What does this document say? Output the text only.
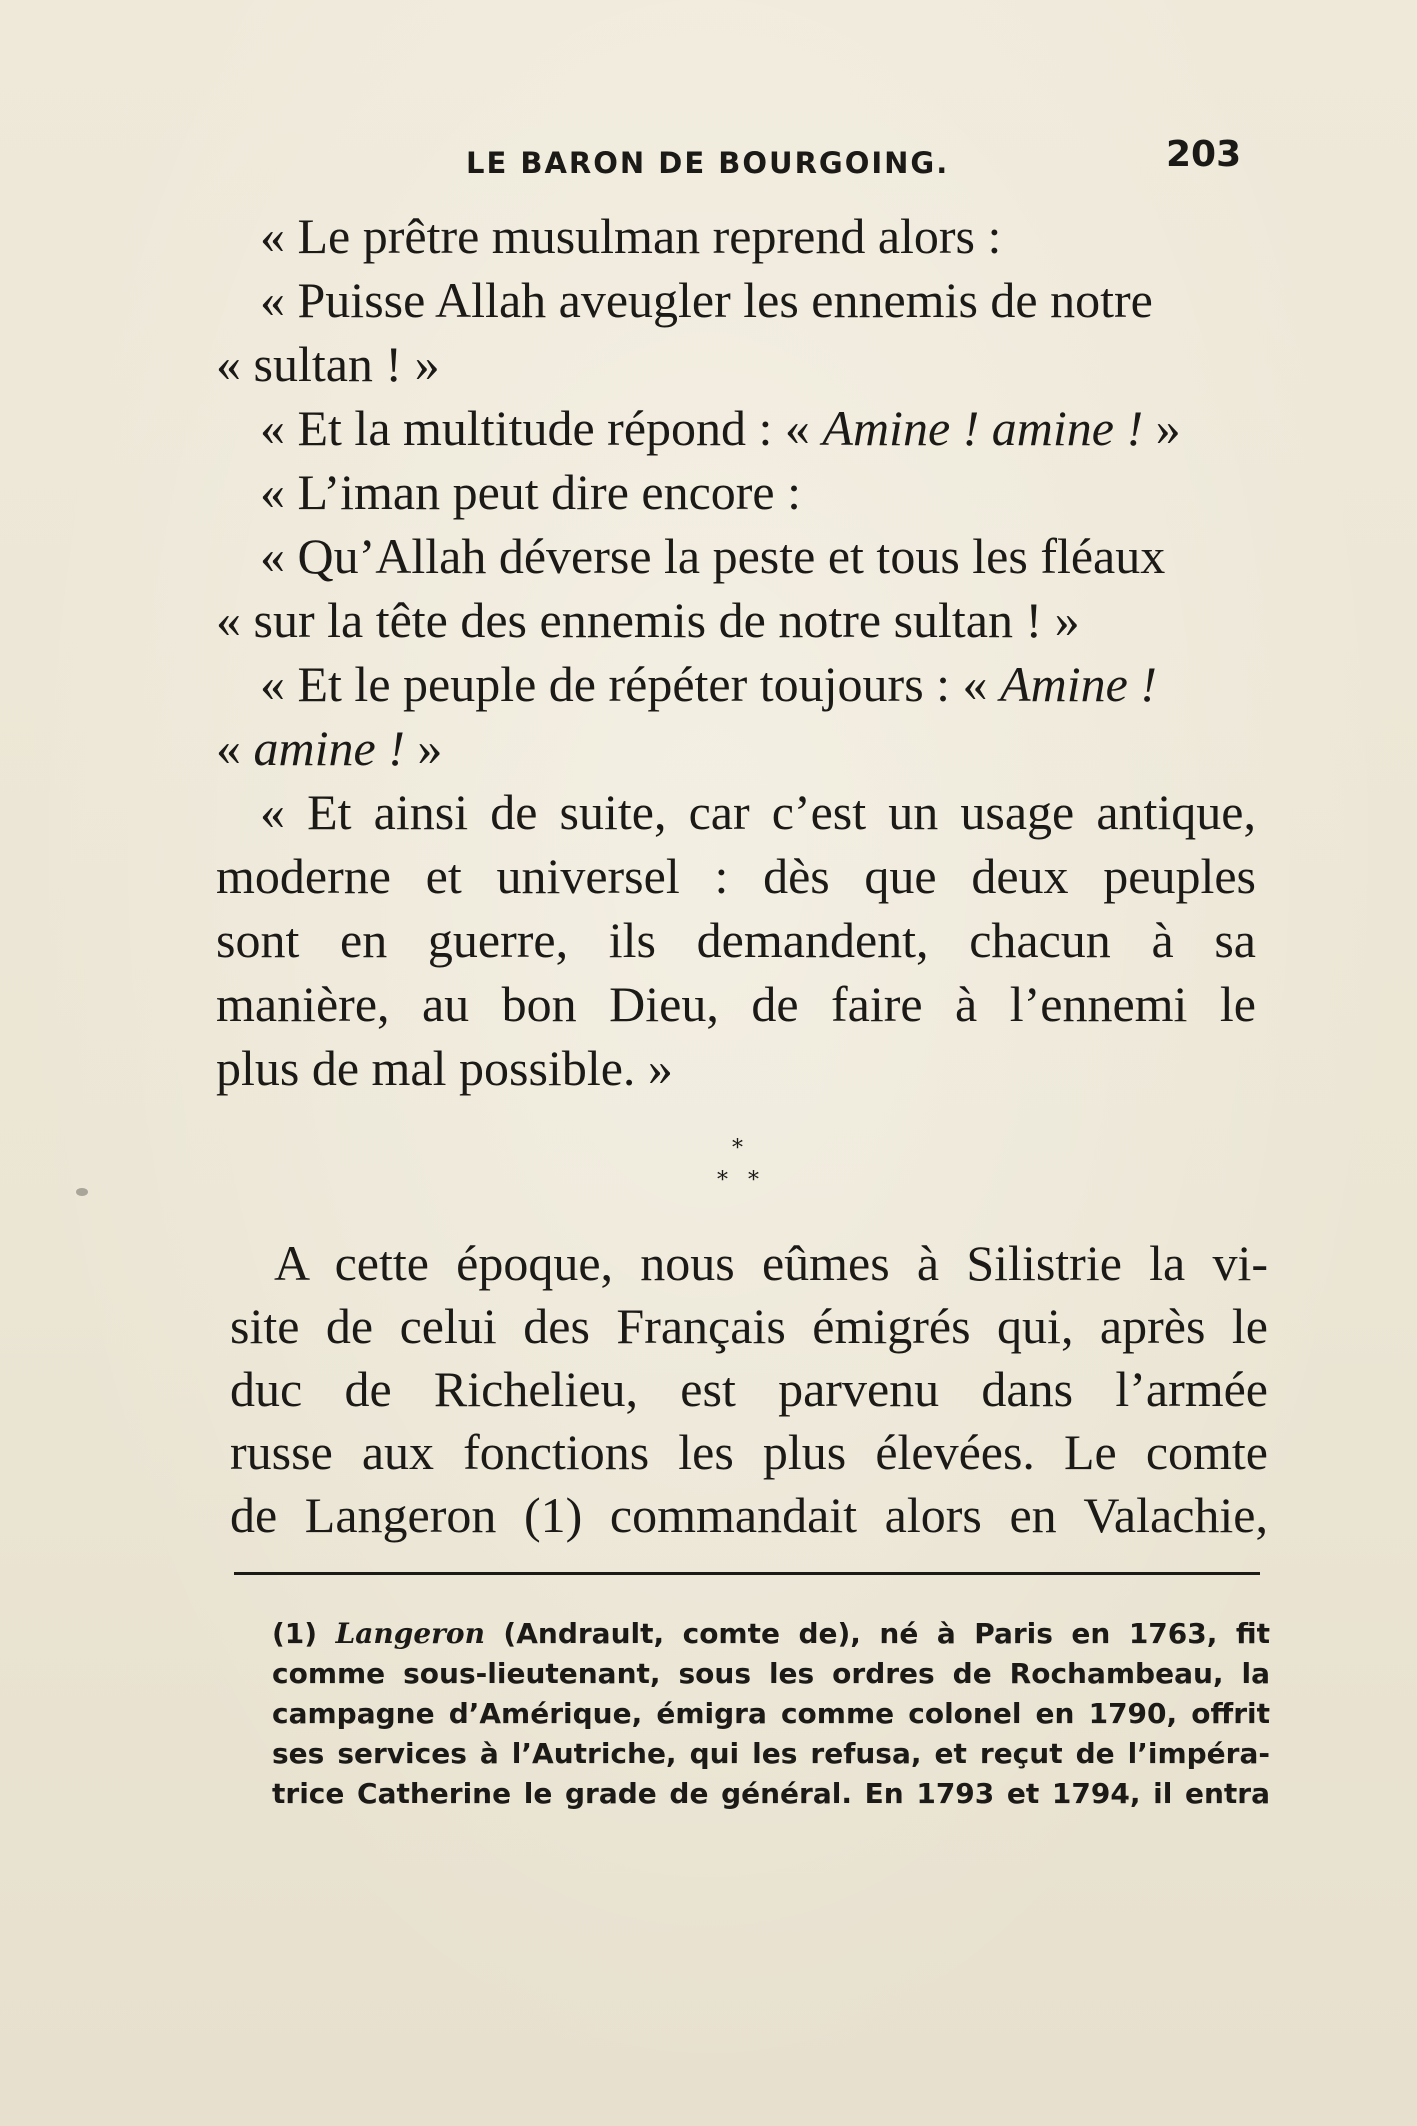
LE BARON DE BOURGOING.	203
« Le prêtre musulman reprend alors :
« Puisse Allah aveugler les ennemis de notre
« sultan ! »
« Et la multitude répond : « Amine ! amine ! »
« L’iman peut dire encore :
« Qu’Allah déverse la peste et tous les fléaux
« sur la tête des ennemis de notre sultan ! »
« Et le peuple de répéter toujours : « Amine !
« amine ! »
« Et ainsi de suite, car c’est un usage antique,
moderne et universel : dès que deux peuples
sont en guerre, ils demandent, chacun à sa
manière, au bon Dieu, de faire à l’ennemi le
plus de mal possible. »
*
* *
A cette époque, nous eûmes à Silistrie la vi-
site de celui des Français émigrés qui, après le
duc de Richelieu, est parvenu dans l’armée
russe aux fonctions les plus élevées. Le comte
de Langeron (1) commandait alors en Valachie,
(1) Langeron (Andrault, comte de), né à Paris en 1763, fit
comme sous-lieutenant, sous les ordres de Rochambeau, la
campagne d’Amérique, émigra comme colonel en 1790, offrit
ses services à l’Autriche, qui les refusa, et reçut de l’impéra-
trice Catherine le grade de général. En 1793 et 1794, il entra
